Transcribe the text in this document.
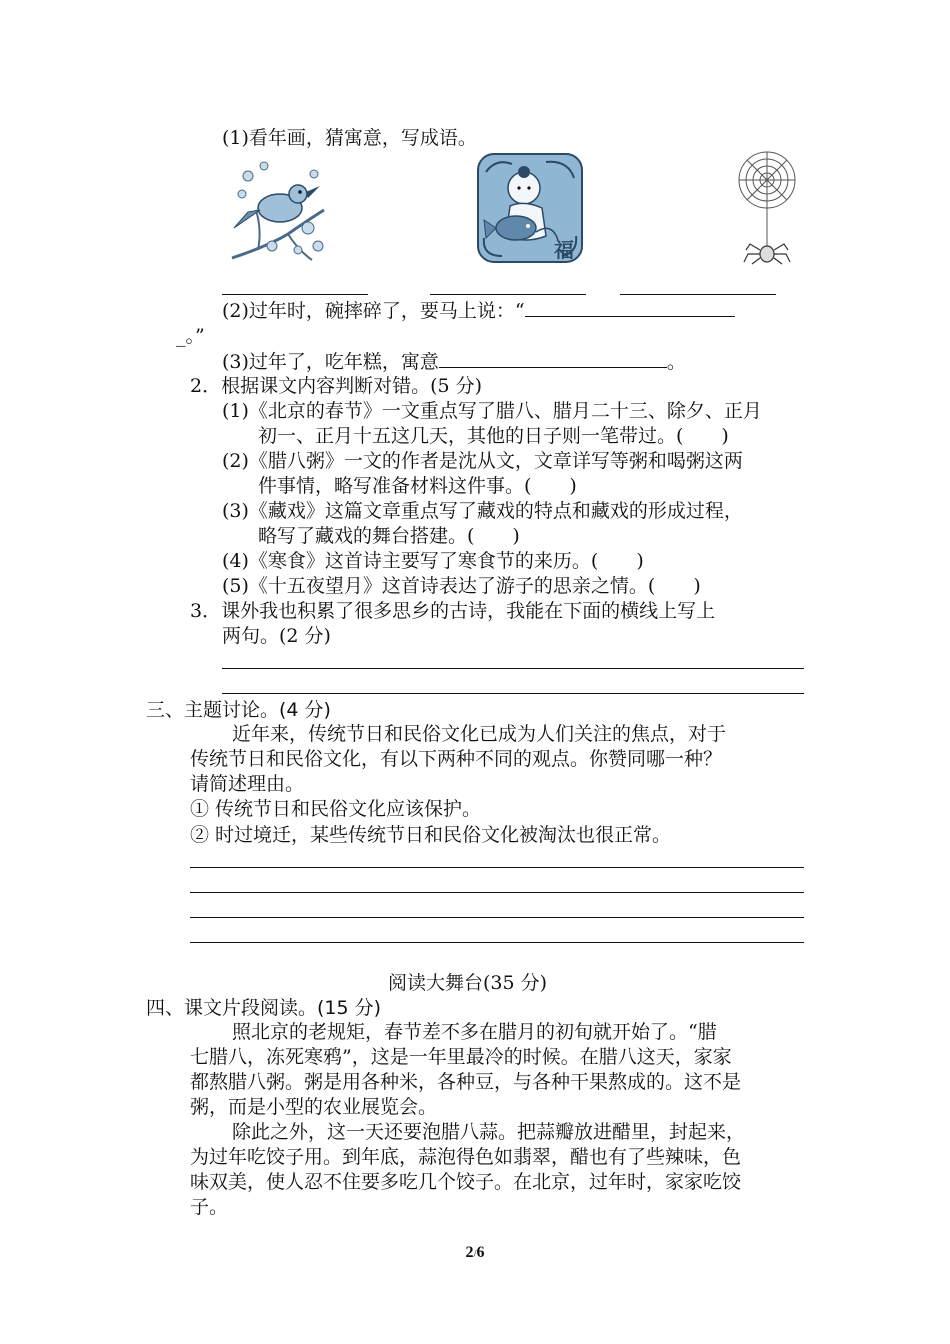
(1)看年画，猜寓意，写成语。
福
(2)过年时，碗摔碎了，要马上说：“
_。”
(3)过年了，吃年糕，寓意	。
2．根据课文内容判断对错。(5 分)
(1)《北京的春节》一文重点写了腊八、腊月二十三、除夕、正月
初一、正月十五这几天，其他的日子则一笔带过。(　　)
(2)《腊八粥》一文的作者是沈从文，文章详写等粥和喝粥这两
件事情，略写准备材料这件事。(　　)
(3)《藏戏》这篇文章重点写了藏戏的特点和藏戏的形成过程，
略写了藏戏的舞台搭建。(　　)
(4)《寒食》这首诗主要写了寒食节的来历。(　　)
(5)《十五夜望月》这首诗表达了游子的思亲之情。(　　)
3．课外我也积累了很多思乡的古诗，我能在下面的横线上写上
两句。(2 分)
三、主题讨论。(4 分)
近年来，传统节日和民俗文化已成为人们关注的焦点，对于
传统节日和民俗文化，有以下两种不同的观点。你赞同哪一种？
请简述理由。
① 传统节日和民俗文化应该保护。
② 时过境迁，某些传统节日和民俗文化被淘汰也很正常。
阅读大舞台(35 分)
四、课文片段阅读。(15 分)
照北京的老规矩，春节差不多在腊月的初旬就开始了。“腊
七腊八，冻死寒鸦”，这是一年里最冷的时候。在腊八这天，家家
都熬腊八粥。粥是用各种米，各种豆，与各种干果熬成的。这不是
粥，而是小型的农业展览会。
除此之外，这一天还要泡腊八蒜。把蒜瓣放进醋里，封起来，
为过年吃饺子用。到年底，蒜泡得色如翡翠，醋也有了些辣味，色
味双美，使人忍不住要多吃几个饺子。在北京，过年时，家家吃饺
子。
2/6
